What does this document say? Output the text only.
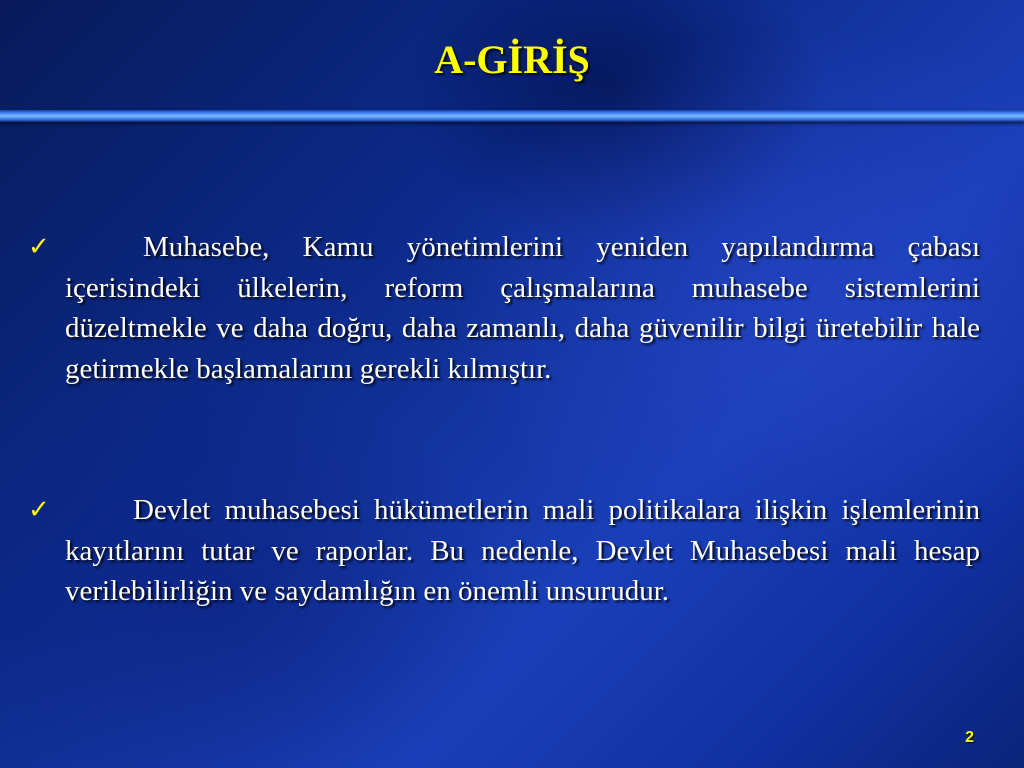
A-GİRİŞ
✓	Muhasebe, Kamu yönetimlerini yeniden yapılandırma çabası içerisindeki ülkelerin, reform çalışmalarına muhasebe sistemlerini düzeltmekle ve daha doğru, daha zamanlı, daha güvenilir bilgi üretebilir hale getirmekle başlamalarını gerekli kılmıştır.

✓	Devlet muhasebesi hükümetlerin mali politikalara ilişkin işlemlerinin kayıtlarını tutar ve raporlar. Bu nedenle, Devlet Muhasebesi mali hesap verilebilirliğin ve saydamlığın en önemli unsurudur.

2
